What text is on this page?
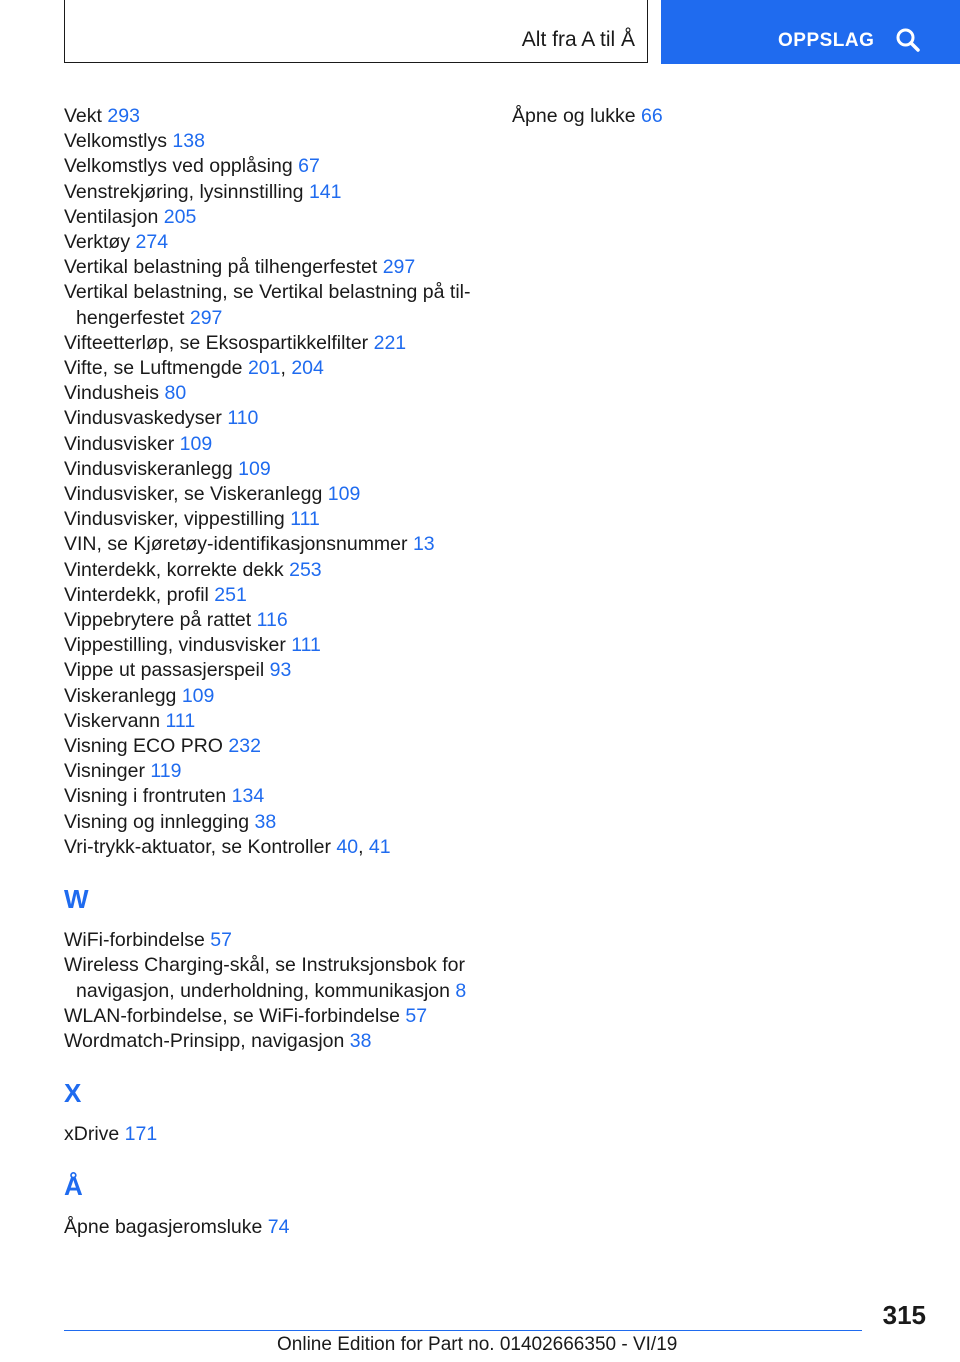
Alt fra A til Å	OPPSLAG
Vekt 293
Velkomstlys 138
Velkomstlys ved opplåsing 67
Venstrekjøring, lysinnstilling 141
Ventilasjon 205
Verktøy 274
Vertikal belastning på tilhengerfestet 297
Vertikal belastning, se Vertikal belastning på til‐hengerfestet 297
Vifteetterløp, se Eksospartikkelfilter 221
Vifte, se Luftmengde 201, 204
Vindusheis 80
Vindusvaskedyser 110
Vindusvisker 109
Vindusviskeranlegg 109
Vindusvisker, se Viskeranlegg 109
Vindusvisker, vippestilling 111
VIN, se Kjøretøy-identifikasjonsnummer 13
Vinterdekk, korrekte dekk 253
Vinterdekk, profil 251
Vippebrytere på rattet 116
Vippestilling, vindusvisker 111
Vippe ut passasjerspeil 93
Viskeranlegg 109
Viskervann 111
Visning ECO PRO 232
Visninger 119
Visning i frontruten 134
Visning og innlegging 38
Vri-trykk-aktuator, se Kontroller 40, 41
W
WiFi-forbindelse 57
Wireless Charging-skål, se Instruksjonsbok for navigasjon, underholdning, kommunikasjon 8
WLAN-forbindelse, se WiFi-forbindelse 57
Wordmatch-Prinsipp, navigasjon 38
X
xDrive 171
Å
Åpne bagasjeromsluke 74
Åpne og lukke 66
315
Online Edition for Part no. 01402666350 - VI/19
